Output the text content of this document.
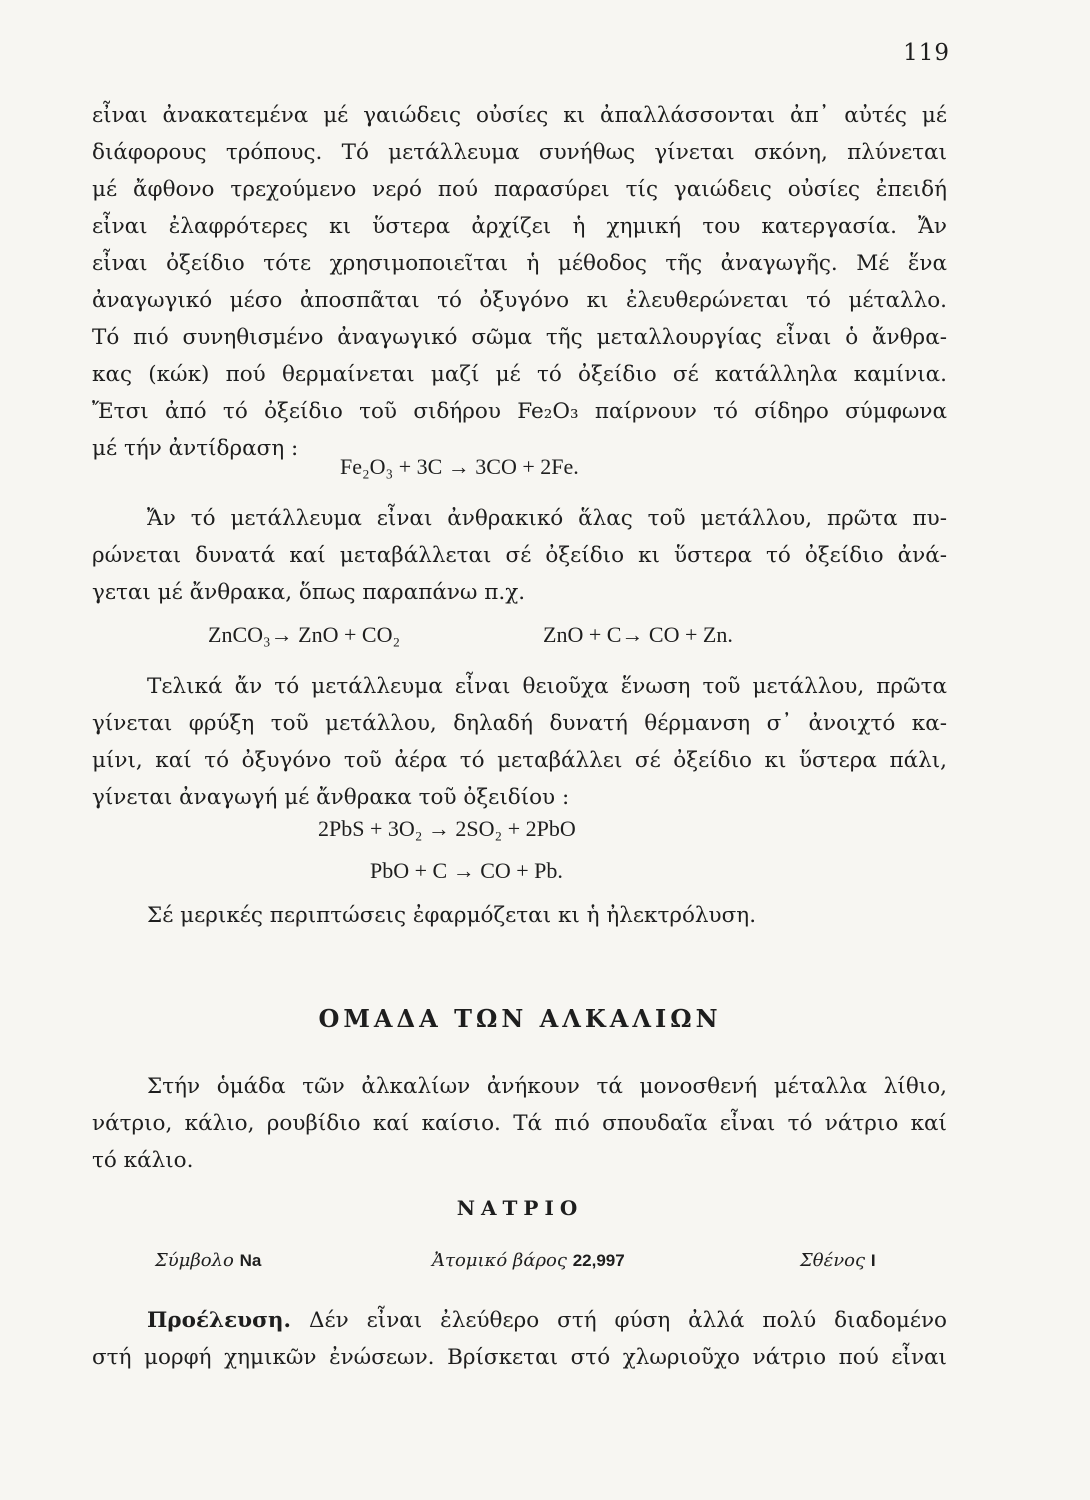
119
εἶναι ἀνακατεμένα μέ γαιώδεις οὐσίες κι ἀπαλλάσσονται ἀπ᾿ αὐτές μέ
διάφορους τρόπους. Τό μετάλλευμα συνήθως γίνεται σκόνη, πλύνεται
μέ ἄφθονο τρεχούμενο νερό πού παρασύρει τίς γαιώδεις οὐσίες ἐπειδή
εἶναι ἐλαφρότερες κι ὕστερα ἀρχίζει ἡ χημική του κατεργασία. Ἄν
εἶναι ὀξείδιο τότε χρησιμοποιεῖται ἡ μέθοδος τῆς ἀναγωγῆς. Μέ ἕνα
ἀναγωγικό μέσο ἀποσπᾶται τό ὀξυγόνο κι ἐλευθερώνεται τό μέταλλο.
Τό πιό συνηθισμένο ἀναγωγικό σῶμα τῆς μεταλλουργίας εἶναι ὁ ἄνθρα-
κας (κώκ) πού θερμαίνεται μαζί μέ τό ὀξείδιο σέ κατάλληλα καμίνια.
Ἔτσι ἀπό τό ὀξείδιο τοῦ σιδήρου Fe₂O₃ παίρνουν τό σίδηρο σύμφωνα
μέ τήν ἀντίδραση :
Fe₂O₃ + 3C → 3CO + 2Fe.
Ἄν τό μετάλλευμα εἶναι ἀνθρακικό ἅλας τοῦ μετάλλου, πρῶτα πυ-
ρώνεται δυνατά καί μεταβάλλεται σέ ὀξείδιο κι ὕστερα τό ὀξείδιο ἀνά-
γεται μέ ἄνθρακα, ὅπως παραπάνω π.χ.
ZnCO₃→ ZnO + CO₂	ZnO + C→ CO + Zn.
Τελικά ἄν τό μετάλλευμα εἶναι θειοῦχα ἕνωση τοῦ μετάλλου, πρῶτα
γίνεται φρύξη τοῦ μετάλλου, δηλαδή δυνατή θέρμανση σ᾿ ἀνοιχτό κα-
μίνι, καί τό ὀξυγόνο τοῦ ἀέρα τό μεταβάλλει σέ ὀξείδιο κι ὕστερα πάλι,
γίνεται ἀναγωγή μέ ἄνθρακα τοῦ ὀξειδίου :
2PbS + 3O₂ → 2SO₂ + 2PbO
PbO + C → CO + Pb.
Σέ μερικές περιπτώσεις ἐφαρμόζεται κι ἡ ἠλεκτρόλυση.
ΟΜΑΔΑ ΤΩΝ ΑΛΚΑΛΙΩΝ
Στήν ὁμάδα τῶν ἀλκαλίων ἀνήκουν τά μονοσθενή μέταλλα λίθιο,
νάτριο, κάλιο, ρουβίδιο καί καίσιο. Τά πιό σπουδαῖα εἶναι τό νάτριο καί
τό κάλιο.
ΝΑΤΡΙΟ
Σύμβολο Na	Ἀτομικό βάρος 22,997	Σθένος I
Προέλευση. Δέν εἶναι ἐλεύθερο στή φύση ἀλλά πολύ διαδομένο
στή μορφή χημικῶν ἐνώσεων. Βρίσκεται στό χλωριοῦχο νάτριο πού εἶναι
